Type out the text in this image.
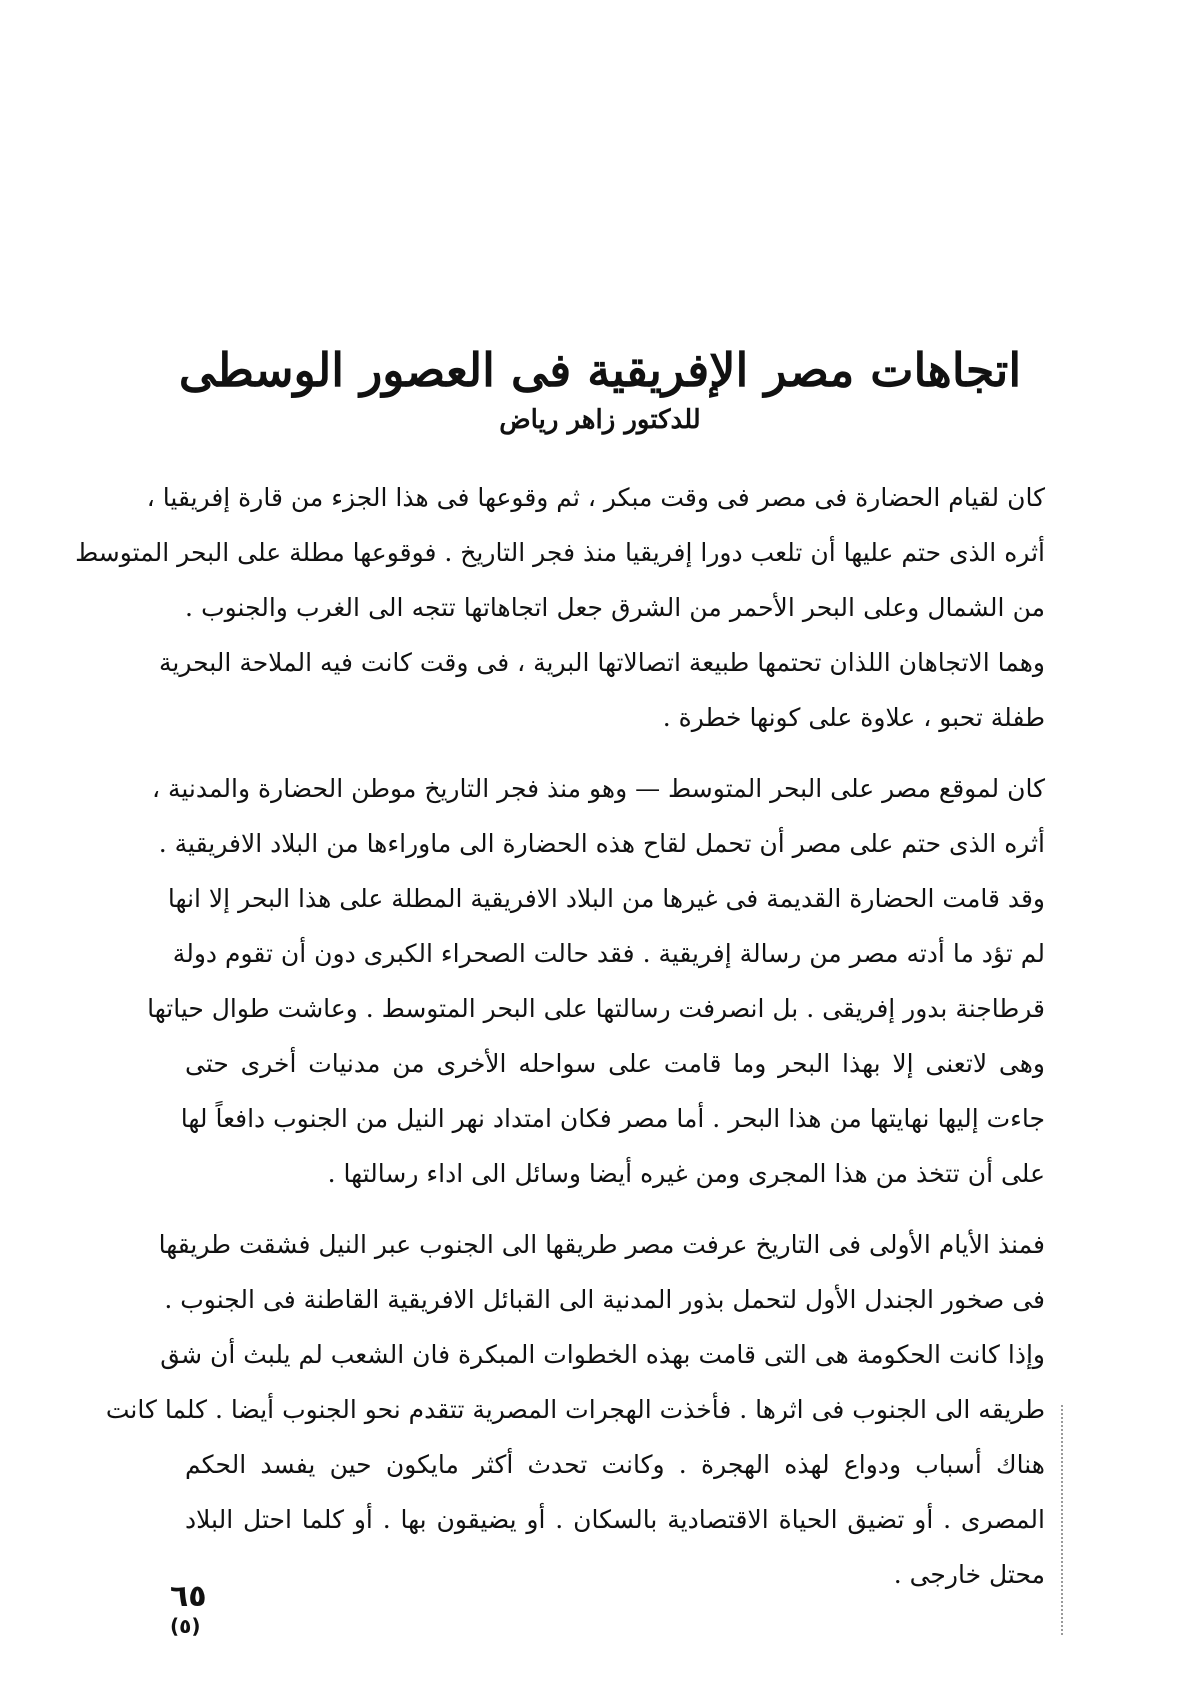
اتجاهات مصر الإفريقية فى العصور الوسطى
للدكتور زاهر رياض
كان لقيام الحضارة فى مصر فى وقت مبكر ، ثم وقوعها فى هذا الجزء من قارة إفريقيا ،
أثره الذى حتم عليها أن تلعب دورا إفريقيا منذ فجر التاريخ . فوقوعها مطلة على البحر المتوسط
من الشمال وعلى البحر الأحمر من الشرق جعل اتجاهاتها تتجه الى الغرب والجنوب .
وهما الاتجاهان اللذان تحتمها طبيعة اتصالاتها البرية ، فى وقت كانت فيه الملاحة البحرية
طفلة تحبو ، علاوة على كونها خطرة .
كان لموقع مصر على البحر المتوسط — وهو منذ فجر التاريخ موطن الحضارة والمدنية ،
أثره الذى حتم على مصر أن تحمل لقاح هذه الحضارة الى ماوراءها من البلاد الافريقية .
وقد قامت الحضارة القديمة فى غيرها من البلاد الافريقية المطلة على هذا البحر إلا انها
لم تؤد ما أدته مصر من رسالة إفريقية . فقد حالت الصحراء الكبرى دون أن تقوم دولة
قرطاجنة بدور إفريقى . بل انصرفت رسالتها على البحر المتوسط . وعاشت طوال حياتها
وهى لاتعنى إلا بهذا البحر وما قامت على سواحله الأخرى من مدنيات أخرى حتى
جاءت إليها نهايتها من هذا البحر . أما مصر فكان امتداد نهر النيل من الجنوب دافعاً لها
على أن تتخذ من هذا المجرى ومن غيره أيضا وسائل الى اداء رسالتها .
فمنذ الأيام الأولى فى التاريخ عرفت مصر طريقها الى الجنوب عبر النيل فشقت طريقها
فى صخور الجندل الأول لتحمل بذور المدنية الى القبائل الافريقية القاطنة فى الجنوب .
وإذا كانت الحكومة هى التى قامت بهذه الخطوات المبكرة فان الشعب لم يلبث أن شق
طريقه الى الجنوب فى اثرها . فأخذت الهجرات المصرية تتقدم نحو الجنوب أيضا . كلما كانت
هناك أسباب ودواع لهذه الهجرة . وكانت تحدث أكثر مايكون حين يفسد الحكم
المصرى . أو تضيق الحياة الاقتصادية بالسكان . أو يضيقون بها . أو كلما احتل البلاد
محتل خارجى .
٦٥
(٥)
